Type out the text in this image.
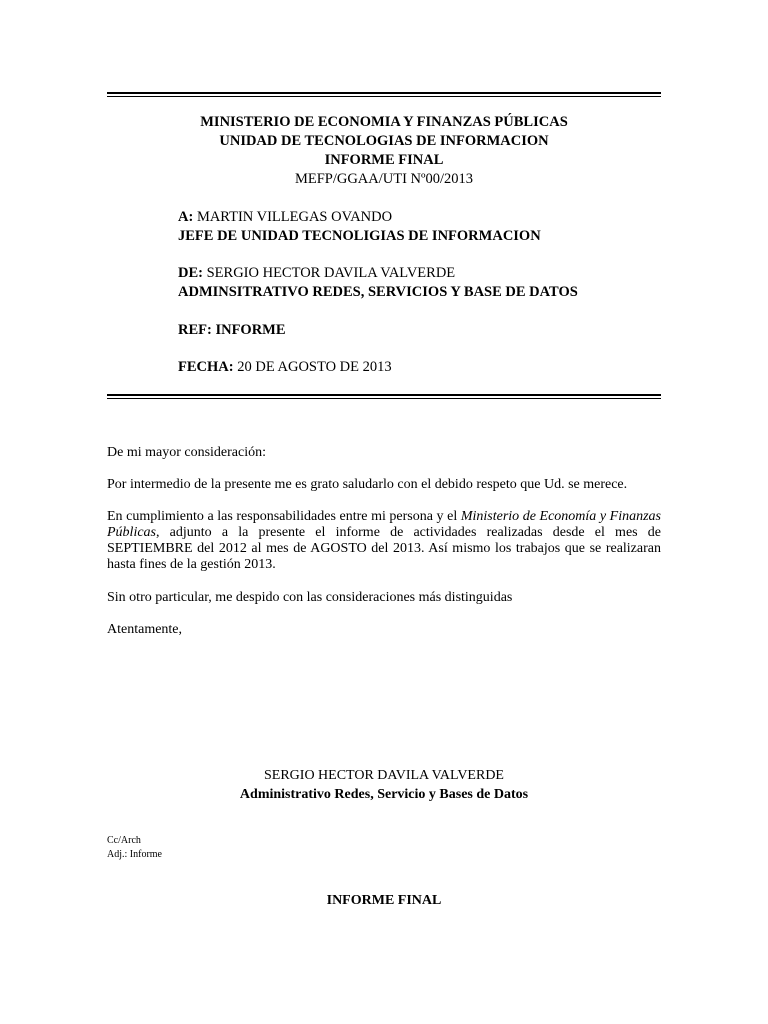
MINISTERIO DE ECONOMIA Y FINANZAS PÚBLICAS
UNIDAD DE TECNOLOGIAS DE INFORMACION
INFORME FINAL
MEFP/GGAA/UTI Nº00/2013
A: MARTIN VILLEGAS OVANDO
JEFE DE UNIDAD TECNOLIGIAS DE INFORMACION
DE: SERGIO HECTOR DAVILA VALVERDE
ADMINSITRATIVO REDES, SERVICIOS Y BASE DE DATOS
REF: INFORME
FECHA: 20 DE AGOSTO DE 2013
De mi mayor consideración:
Por intermedio de la presente me es grato saludarlo con el debido respeto que Ud. se merece.
En cumplimiento a las responsabilidades entre mi persona y el Ministerio de Economía y Finanzas Públicas, adjunto a la presente el informe de actividades realizadas desde el mes de SEPTIEMBRE del 2012 al mes de AGOSTO del 2013. Así mismo los trabajos que se realizaran hasta fines de la gestión 2013.
Sin otro particular, me despido con las consideraciones más distinguidas
Atentamente,
SERGIO HECTOR DAVILA VALVERDE
Administrativo Redes, Servicio y Bases de Datos
Cc/Arch
Adj.: Informe
INFORME FINAL
